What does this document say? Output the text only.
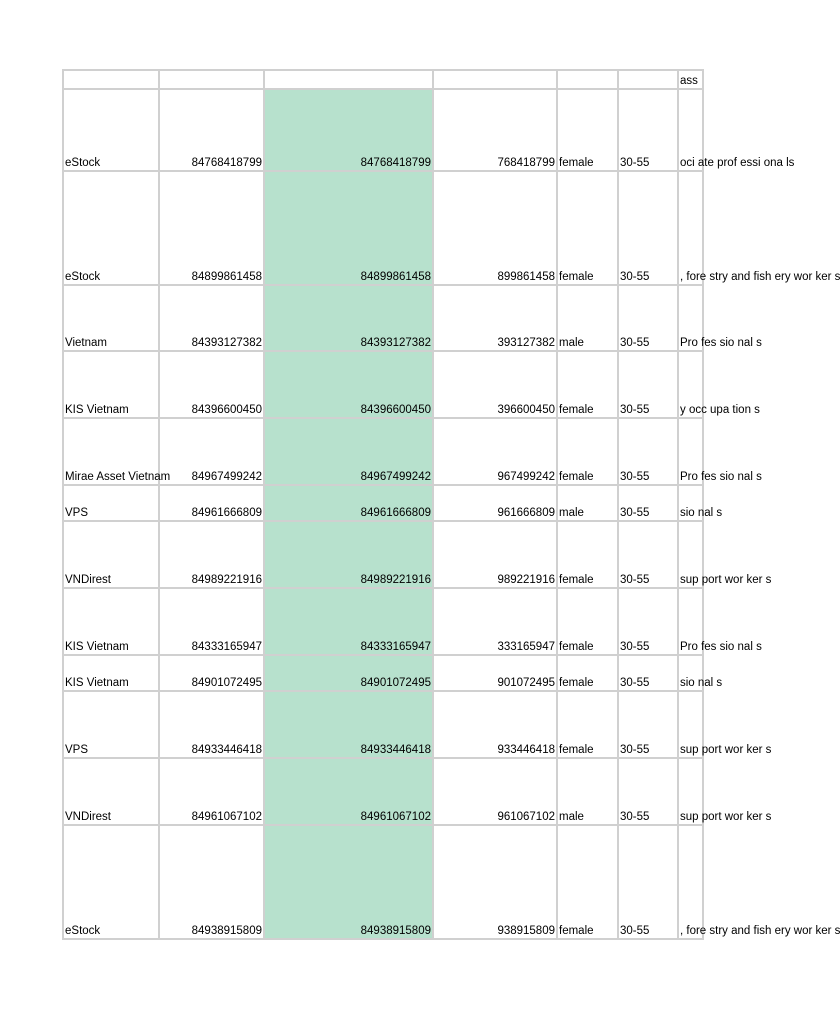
						ass
eStock	84768418799	84768418799	768418799	female	30-55	oci ate prof essi ona ls

eStock	84899861458	84899861458	899861458	female	30-55	, fore stry and fish ery wor ker s

Vietnam	84393127382	84393127382	393127382	male	30-55	Pro fes sio nal s

KIS Vietnam	84396600450	84396600450	396600450	female	30-55	y occ upa tion s

Mirae Asset Vietnam	84967499242	84967499242	967499242	female	30-55	Pro fes sio nal s

VPS	84961666809	84961666809	961666809	male	30-55	sio nal s

VNDirest	84989221916	84989221916	989221916	female	30-55	sup port wor ker s

KIS Vietnam	84333165947	84333165947	333165947	female	30-55	Pro fes sio nal s

KIS Vietnam	84901072495	84901072495	901072495	female	30-55	sio nal s

VPS	84933446418	84933446418	933446418	female	30-55	sup port wor ker s

VNDirest	84961067102	84961067102	961067102	male	30-55	sup port wor ker s

eStock	84938915809	84938915809	938915809	female	30-55	, fore stry and fish ery wor ker s
